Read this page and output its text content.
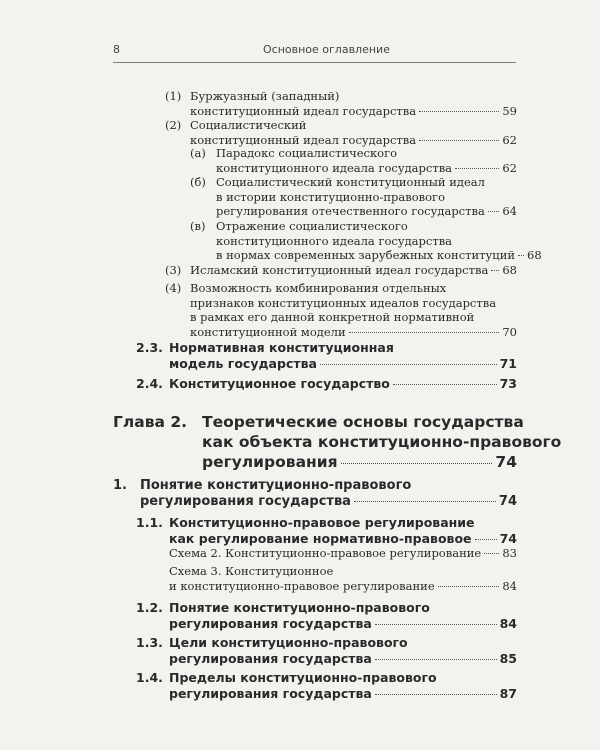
8	Основное оглавление
(1) Буржуазный (западный)
конституционный идеал государства	59
(2) Социалистический
конституционный идеал государства	62
(а) Парадокс социалистического
конституционного идеала государства	62
(б) Социалистический конституционный идеал
в истории конституционно-правового
регулирования отечественного государства 64
(в) Отражение социалистического
конституционного идеала государства
в нормах современных зарубежных конституций 68
(3) Исламский конституционный идеал государства 68
(4) Возможность комбинирования отдельных
признаков конституционных идеалов государства
в рамках его данной конкретной нормативной
конституционной модели	70
2.3. Нормативная конституционная
модель государства	71
2.4. Конституционное государство	73
Глава 2. Теоретические основы государства
как объекта конституционно-правового
регулирования	74
1. Понятие конституционно-правового
регулирования государства	74
1.1. Конституционно-правовое регулирование
как регулирование нормативно-правовое 74
Схема 2. Конституционно-правовое регулирование 83
Схема 3. Конституционное
и конституционно-правовое регулирование	84
1.2. Понятие конституционно-правового
регулирования государства	84
1.3. Цели конституционно-правового
регулирования государства	85
1.4. Пределы конституционно-правового
регулирования государства	87
